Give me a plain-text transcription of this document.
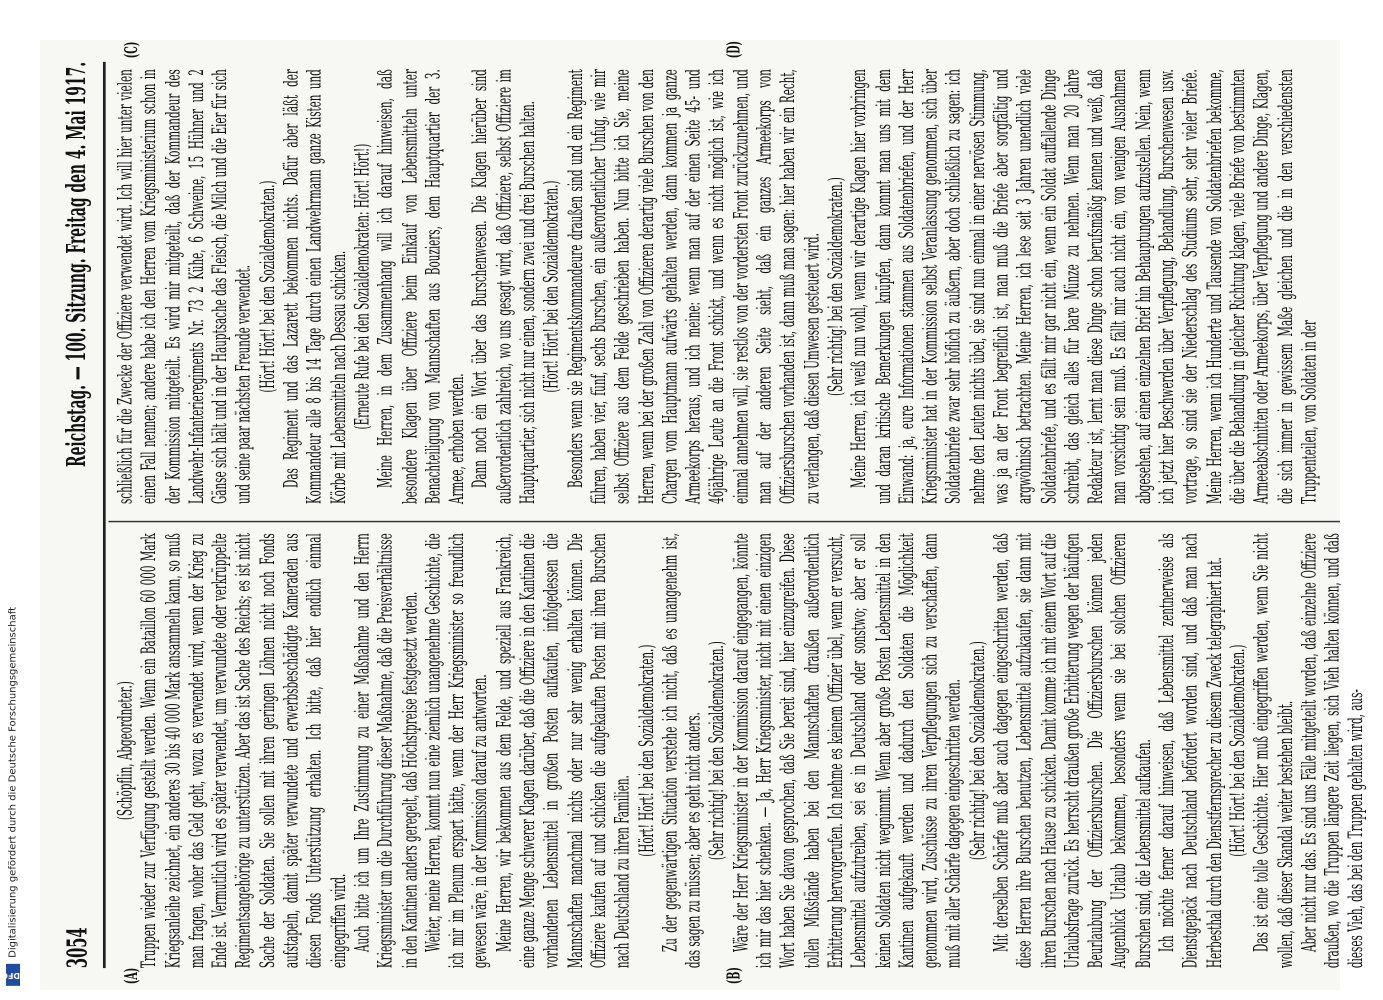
3054
Reichstag. — 100. Sitzung. Freitag den 4. Mai 1917.

(Schöpflin, Abgeordneter.) Truppen wieder zur Verfügung gestellt werden. Wenn ein Bataillon 60 000 Mark Kriegsanleihe zeichnet, ein anderes 30 bis 40 000 Mark ansammeln kann, so muß man fragen, woher das Geld geht, wozu es verwendet wird, wenn der Krieg zu Ende ist. Vermutlich wird es später verwendet, um verwundete oder verkrüppelte Regimentsangehörige zu unterstützen. Aber das ist Sache des Reichs; es ist nicht Sache der Soldaten. Sie sollen mit ihren geringen Löhnen nicht noch Fonds aufstapeln, damit später verwundete und erwerbsbeschädigte Kameraden aus diesen Fonds Unterstützung erhalten. Ich bitte, daß hier endlich einmal eingegriffen wird. Auch bitte ich um Ihre Zustimmung zu einer Maßnahme und den Herrn Kriegsminister um die Durchführung dieser Maßnahme, daß die Preisverhältnisse in den Kantinen anders geregelt, daß Höchstpreise festgesetzt werden. Weiter, meine Herren, kommt nun eine ziemlich unangenehme Geschichte, die ich mir im Plenum erspart hätte, wenn der Herr Kriegsminister so freundlich gewesen wäre, in der Kommission darauf zu antworten. Meine Herren, wir bekommen aus dem Felde, und speziell aus Frankreich, eine ganze Menge schwerer Klagen darüber, daß die Offiziere in den Kantinen die vorhandenen Lebensmittel in großen Posten aufkaufen, infolgedessen die Mannschaften manchmal nichts oder nur sehr wenig erhalten können. Die Offiziere kaufen auf und schicken die aufgekauften Posten mit ihren Burschen nach Deutschland zu ihren Familien.

(Hört! Hört! bei den Sozialdemokraten.) Zu der gegenwärtigen Situation verstehe ich nicht, daß es unangenehm ist, das sagen zu müssen; aber es geht nicht anders. (Sehr richtig! bei den Sozialdemokraten.) Wäre der Herr Kriegsminister in der Kommission darauf eingegangen, könnte ich mir das hier schenken. — Ja, Herr Kriegsminister, nicht mit einem einzigen Wort haben Sie davon gesprochen, daß Sie bereit sind, hier einzugreifen. Diese tollen Mißstände haben bei den Mannschaften draußen außerordentlich Erbitterung hervorgerufen. Ich nehme es keinem Offizier übel, wenn er versucht, Lebensmittel aufzutreiben, sei es in Deutschland oder sonstwo; aber er soll keinen Soldaten nicht wegnimmt. Wenn aber große Posten Lebensmittel in den Kantinen aufgekauft werden und dadurch den Soldaten die Möglichkeit genommen wird, Zuschüsse zu ihren Verpflegungen sich zu verschaffen, dann muß mit aller Schärfe dagegen eingeschritten werden. (Sehr richtig! bei den Sozialdemokraten.) Mit derselben Schärfe muß aber auch dagegen eingeschritten werden, daß diese Herren ihre Burschen benutzen, Lebensmittel aufzukaufen, sie dann mit ihren Burschen nach Hause zu schicken. Damit komme ich mit einem Wort auf die Urlaubsfrage zurück. Es herrscht draußen große Erbitterung wegen der häufigen Beurlaubung der Offiziersburschen. Die Offiziersburschen können jeden Augenblick Urlaub bekommen, besonders wenn sie bei solchen Offizieren Burschen sind, die Lebensmittel aufkaufen. Ich möchte ferner darauf hinweisen, daß Lebensmittel zentnerweise als Dienstgepäck nach Deutschland befördert worden sind, und daß man nach Herbesthal durch den Dienstfernsprecher zu diesem Zweck telegraphiert hat. (Hört! Hört! bei den Sozialdemokraten.) Das ist eine tolle Geschichte. Hier muß eingegriffen werden, wenn Sie nicht wollen, daß dieser Skandal weiter bestehen bleibt. Aber nicht nur das. Es sind uns Fälle mitgeteilt worden, daß einzelne Offiziere draußen, wo die Truppen längere Zeit liegen, sich Vieh halten können, und daß dieses Vieh, das bei den Truppen gehalten wird, aus-

schließlich für die Zwecke der Offiziere verwendet wird. Ich will hier unter vielen einen Fall nennen; andere habe ich den Herren vom Kriegsministerium schon in der Kommission mitgeteilt. Es wird mir mitgeteilt, daß der Kommandeur des Landwehr-Infanterieregiments Nr. 73 2 Kühe, 6 Schweine, 15 Hühner und 2 Gänse sich hält und in der Hauptsache das Fleisch, die Milch und die Eier für sich und seine paar nächsten Freunde verwendet. (Hört! Hört! bei den Sozialdemokraten.) Das Regiment und das Lazarett bekommen nichts. Dafür aber läßt der Kommandeur alle 8 bis 14 Tage durch einen Landwehrmann ganze Kisten und Körbe mit Lebensmitteln nach Dessau schicken. (Erneute Rufe bei den Sozialdemokraten: Hört! Hört!) Meine Herren, in dem Zusammenhang will ich darauf hinweisen, daß besondere Klagen über Offiziere beim Einkauf von Lebensmitteln unter Benachteiligung von Mannschaften aus Bouziers, dem Hauptquartier der 3. Armee, erhoben werden. Dann noch ein Wort über das Burschenwesen. Die Klagen hierüber sind außerordentlich zahlreich, wo uns gesagt wird, daß Offiziere, selbst Offiziere im Hauptquartier, sich nicht nur einen, sondern zwei und drei Burschen halten. (Hört! Hört! bei den Sozialdemokraten.) Besonders wenn sie Regimentskommandeure draußen sind und ein Regiment führen, haben vier, fünf, sechs Burschen, ein außerordentlicher Unfug, wie mir selbst Offiziere aus dem Felde geschrieben haben. Nun bitte ich Sie, meine Herren, wenn bei der großen Zahl von Offizieren derartig viele Burschen von den Chargen vom Hauptmann aufwärts gehalten werden, dann kommen ja ganze Armeekorps heraus, und ich meine: wenn man auf der einen Seite 45- und 46jährige Leute an die Front schickt, und wenn es nicht möglich ist, wie ich einmal annehmen will, sie restlos von der vordersten Front zurückzunehmen, und man auf der anderen Seite sieht, daß ein ganzes Armeekorps von Offiziersburschen vorhanden ist, dann muß man sagen: hier haben wir ein Recht, zu verlangen, daß diesen Umwesen gesteuert wird. (Sehr richtig! bei den Sozialdemokraten.) Meine Herren, ich weiß nun wohl, wenn wir derartige Klagen hier vorbringen und daran kritische Bemerkungen knüpfen, dann kommt man uns mit dem Einwand: ja, eure Informationen stammen aus Soldatenbriefen, und der Herr Kriegsminister hat in der Kommission selbst Veranlassung genommen, sich über Soldatenbriefe zwar sehr höflich zu äußern, aber doch schließlich zu sagen: ich nehme den Leuten nichts übel, sie sind nun einmal in einer nervösen Stimmung, was ja an der Front begreiflich ist, man muß die Briefe aber sorgfältig und argwöhnisch betrachten. Meine Herren, ich lese seit 3 Jahren unendlich viele Soldatenbriefe, und es fällt mir gar nicht ein, wenn ein Soldat auffallende Dinge schreibt, das gleich alles für bare Münze zu nehmen. Wenn man 20 Jahre Redakteur ist, lernt man diese Dinge schon berufsmäßig kennen und weiß, daß man vorsichtig sein muß. Es fällt mir auch nicht ein, von wenigen Ausnahmen abgesehen, auf einen einzelnen Brief hin Behauptungen aufzustellen. Nein, wenn ich jetzt hier Beschwerden über Verpflegung, Behandlung, Burschenwesen usw. vortrage, so sind sie der Niederschlag des Studiums sehr, sehr vieler Briefe. Meine Herren, wenn ich Hunderte und Tausende von Soldatenbriefen bekomme, die über die Behandlung in gleicher Richtung klagen, viele Briefe von bestimmten Armeeabschnitten oder Armeekorps, über Verpflegung und andere Dinge, Klagen, die sich immer in gewissem Maße gleichen und die in den verschiedensten Truppenteilen, von Soldaten in der

(A)	(B)
(C)	(D)
DFG
Digitalisierung gefördert durch die Deutsche Forschungsgemeinschaft
